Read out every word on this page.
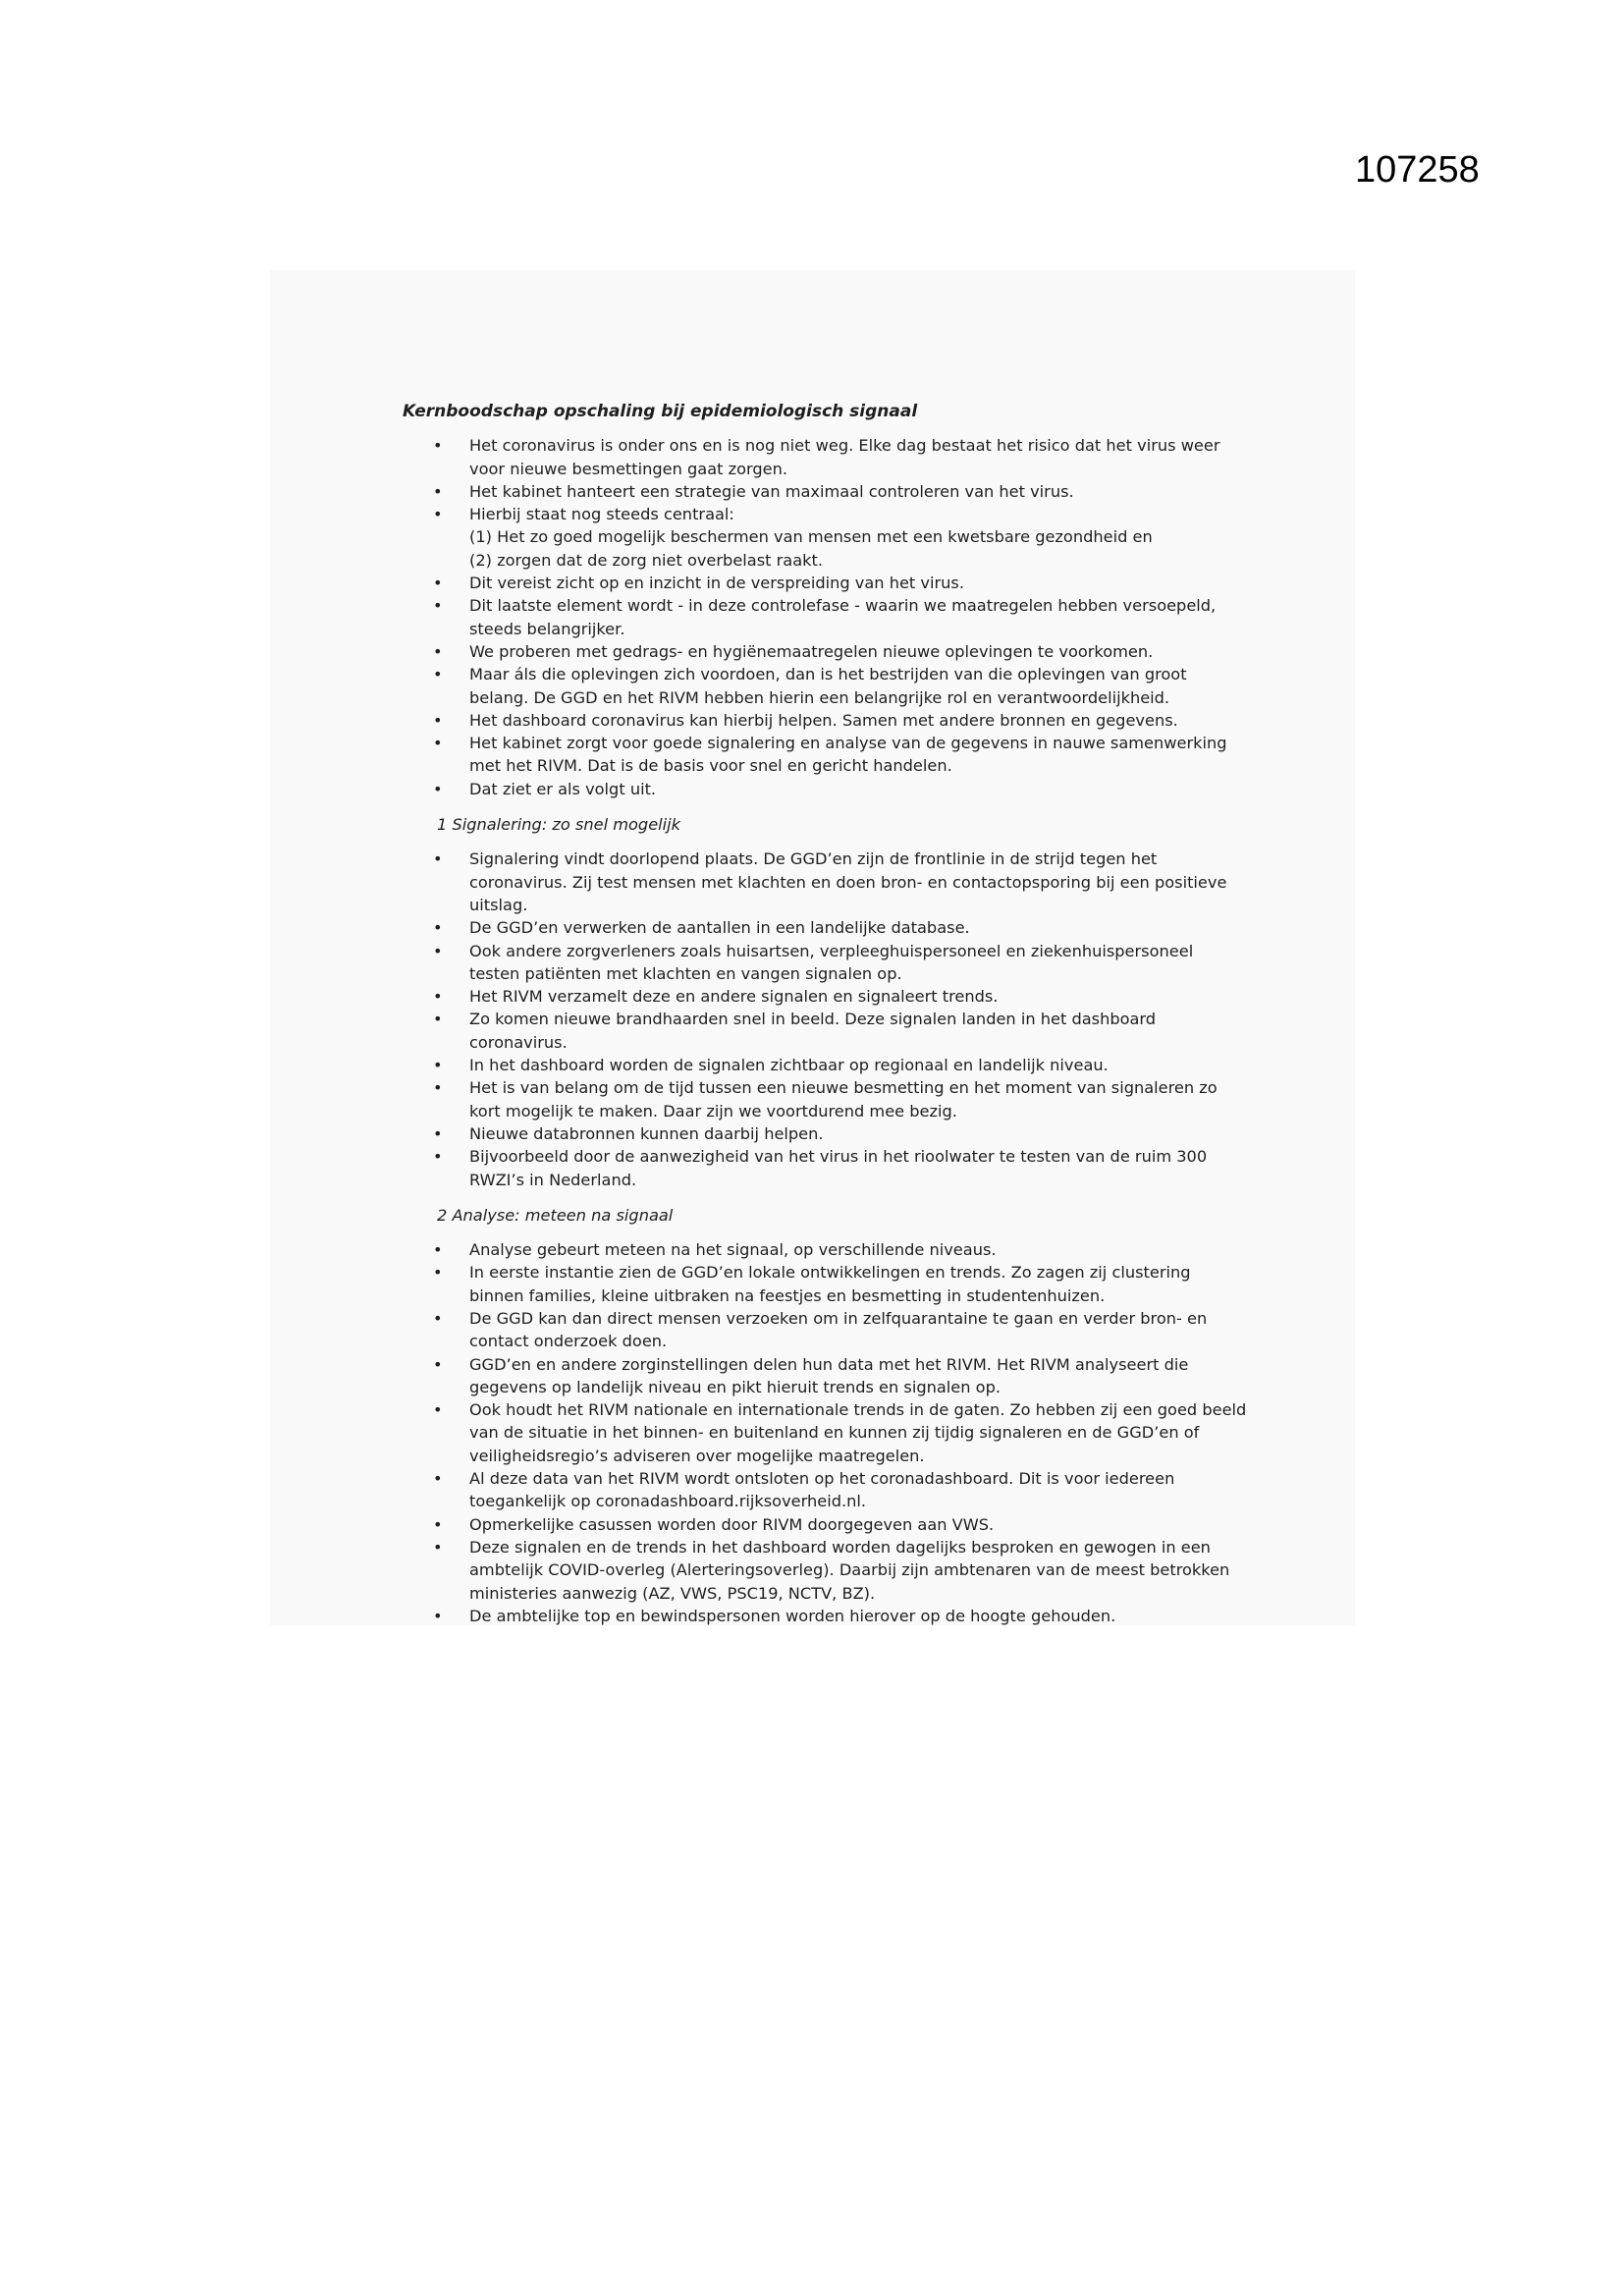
107258
Kernboodschap opschaling bij epidemiologisch signaal
• Het coronavirus is onder ons en is nog niet weg. Elke dag bestaat het risico dat het virus weer voor nieuwe besmettingen gaat zorgen.
• Het kabinet hanteert een strategie van maximaal controleren van het virus.
• Hierbij staat nog steeds centraal:
(1) Het zo goed mogelijk beschermen van mensen met een kwetsbare gezondheid en
(2) zorgen dat de zorg niet overbelast raakt.
• Dit vereist zicht op en inzicht in de verspreiding van het virus.
• Dit laatste element wordt - in deze controlefase - waarin we maatregelen hebben versoepeld, steeds belangrijker.
• We proberen met gedrags- en hygiënemaatregelen nieuwe oplevingen te voorkomen.
• Maar áls die oplevingen zich voordoen, dan is het bestrijden van die oplevingen van groot belang. De GGD en het RIVM hebben hierin een belangrijke rol en verantwoordelijkheid.
• Het dashboard coronavirus kan hierbij helpen. Samen met andere bronnen en gegevens.
• Het kabinet zorgt voor goede signalering en analyse van de gegevens in nauwe samenwerking met het RIVM. Dat is de basis voor snel en gericht handelen.
• Dat ziet er als volgt uit.
1 Signalering: zo snel mogelijk
• Signalering vindt doorlopend plaats. De GGD’en zijn de frontlinie in de strijd tegen het coronavirus. Zij test mensen met klachten en doen bron- en contactopsporing bij een positieve uitslag.
• De GGD’en verwerken de aantallen in een landelijke database.
• Ook andere zorgverleners zoals huisartsen, verpleeghuispersoneel en ziekenhuispersoneel testen patiënten met klachten en vangen signalen op.
• Het RIVM verzamelt deze en andere signalen en signaleert trends.
• Zo komen nieuwe brandhaarden snel in beeld. Deze signalen landen in het dashboard coronavirus.
• In het dashboard worden de signalen zichtbaar op regionaal en landelijk niveau.
• Het is van belang om de tijd tussen een nieuwe besmetting en het moment van signaleren zo kort mogelijk te maken. Daar zijn we voortdurend mee bezig.
• Nieuwe databronnen kunnen daarbij helpen.
• Bijvoorbeeld door de aanwezigheid van het virus in het rioolwater te testen van de ruim 300 RWZI’s in Nederland.
2 Analyse: meteen na signaal
• Analyse gebeurt meteen na het signaal, op verschillende niveaus.
• In eerste instantie zien de GGD’en lokale ontwikkelingen en trends. Zo zagen zij clustering binnen families, kleine uitbraken na feestjes en besmetting in studentenhuizen.
• De GGD kan dan direct mensen verzoeken om in zelfquarantaine te gaan en verder bron- en contact onderzoek doen.
• GGD’en en andere zorginstellingen delen hun data met het RIVM. Het RIVM analyseert die gegevens op landelijk niveau en pikt hieruit trends en signalen op.
• Ook houdt het RIVM nationale en internationale trends in de gaten. Zo hebben zij een goed beeld van de situatie in het binnen- en buitenland en kunnen zij tijdig signaleren en de GGD’en of veiligheidsregio’s adviseren over mogelijke maatregelen.
• Al deze data van het RIVM wordt ontsloten op het coronadashboard. Dit is voor iedereen toegankelijk op coronadashboard.rijksoverheid.nl.
• Opmerkelijke casussen worden door RIVM doorgegeven aan VWS.
• Deze signalen en de trends in het dashboard worden dagelijks besproken en gewogen in een ambtelijk COVID-overleg (Alerteringsoverleg). Daarbij zijn ambtenaren van de meest betrokken ministeries aanwezig (AZ, VWS, PSC19, NCTV, BZ).
• De ambtelijke top en bewindspersonen worden hierover op de hoogte gehouden.
